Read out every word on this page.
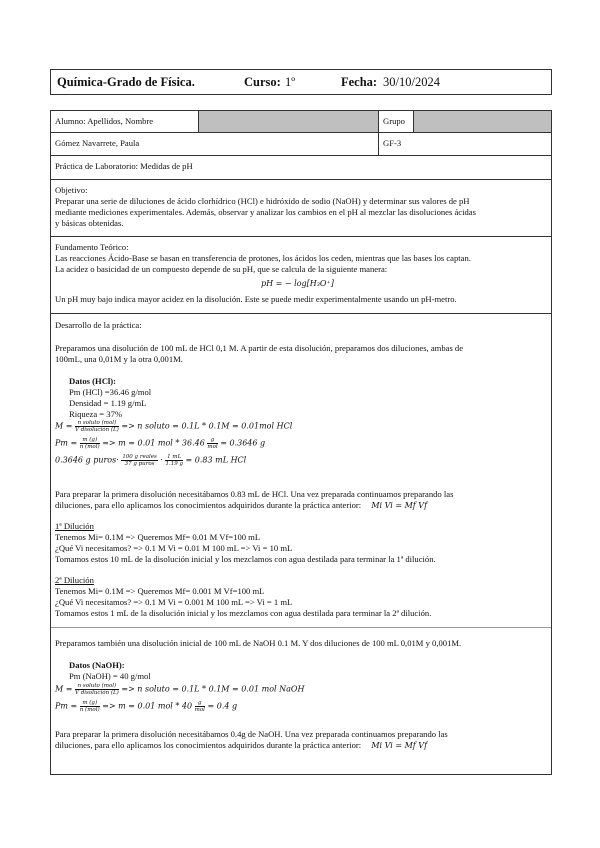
Química-Grado de Física.	Curso: 1º	Fecha: 30/10/2024
Alumno: Apellidos, Nombre	Grupo
Gómez Navarrete, Paula	GF-3
Práctica de Laboratorio: Medidas de pH
Objetivo:
Preparar una serie de diluciones de ácido clorhídrico (HCl) e hidróxido de sodio (NaOH) y determinar sus valores de pH
mediante mediciones experimentales. Además, observar y analizar los cambios en el pH al mezclar las disoluciones ácidas
y básicas obtenidas.
Fundamento Teórico:
Las reacciones Ácido-Base se basan en transferencia de protones, los ácidos los ceden, mientras que las bases los captan.
La acidez o basicidad de un compuesto depende de su pH, que se calcula de la siguiente manera:
pH = − log[H₃O⁺]
Un pH muy bajo indica mayor acidez en la disolución. Este se puede medir experimentalmente usando un pH-metro.
Desarrollo de la práctica:
Preparamos una disolución de 100 mL de HCl 0,1 M. A partir de esta disolución, preparamos dos diluciones, ambas de
100mL, una 0,01M y la otra 0,001M.
Datos (HCl):
Pm (HCl) =36.46 g/mol
Densidad = 1.19 g/mL
Riqueza = 37%
$M = \frac{\text{n soluto (mol)}}{\text{V disolución (L)}} => n$ soluto = 0.1L * 0.1M = 0.01mol HCl
$Pm = \frac{m (g)}{\text{n (mol)}} => m = 0.01$ mol * $36.46 \frac{g}{\text{mol}} = 0.3646$ g
0.3646 g puros· $\frac{\text{100 g reales}}{\text{37 g puros}} \cdot \frac{1 mL}{1.19 g} = 0.83$ mL HCl
Para preparar la primera disolución necesitábamos 0.83 mL de HCl. Una vez preparada continuamos preparando las
diluciones, para ello aplicamos los conocimientos adquiridos durante la práctica anterior: Mi Vi = Mf Vf
1ª Dilución
Tenemos Mi= 0.1M => Queremos Mf= 0.01 M Vf=100 mL
¿Qué Vi necesitamos? => 0.1 M Vi = 0.01 M 100 mL => Vi = 10 mL
Tomamos estos 10 mL de la disolución inicial y los mezclamos con agua destilada para terminar la 1ª dilución.
2ª Dilución
Tenemos Mi= 0.1M => Queremos Mf= 0.001 M Vf=100 mL
¿Qué Vi necesitamos? => 0.1 M Vi = 0.001 M 100 mL => Vi = 1 mL
Tomamos estos 1 mL de la disolución inicial y los mezclamos con agua destilada para terminar la 2ª dilución.
Preparamos también una disolución inicial de 100 mL de NaOH 0.1 M. Y dos diluciones de 100 mL 0,01M y 0,001M.
Datos (NaOH):
Pm (NaOH) = 40 g/mol
$M = \frac{\text{n soluto (mol)}}{\text{V disolución (L)}} => n$ soluto = 0.1L * 0.1M = 0.01 mol NaOH
$Pm = \frac{m (g)}{\text{n (mol)}} => m = 0.01$ mol * $40 \frac{g}{\text{mol}} = 0.4$ g
Para preparar la primera disolución necesitábamos 0.4g de NaOH. Una vez preparada continuamos preparando las
diluciones, para ello aplicamos los conocimientos adquiridos durante la práctica anterior: Mi Vi = Mf Vf
